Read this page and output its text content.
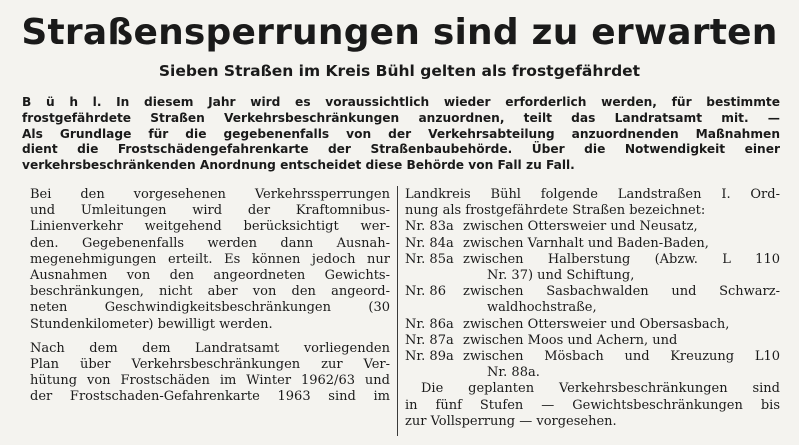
Straßensperrungen sind zu erwarten
Sieben Straßen im Kreis Bühl gelten als frostgefährdet
B ü h l. In diesem Jahr wird es voraussichtlich wieder erforderlich werden, für bestimmte
frostgefährdete Straßen Verkehrsbeschränkungen anzuordnen, teilt das Landratsamt mit. —
Als Grundlage für die gegebenenfalls von der Verkehrsabteilung anzuordnenden Maßnahmen
dient die Frostschädengefahrenkarte der Straßenbaubehörde. Über die Notwendigkeit einer
verkehrsbeschränkenden Anordnung entscheidet diese Behörde von Fall zu Fall.
Bei den vorgesehenen Verkehrssperrungen
und Umleitungen wird der Kraftomnibus-
Linienverkehr weitgehend berücksichtigt wer-
den. Gegebenenfalls werden dann Ausnah-
megenehmigungen erteilt. Es können jedoch nur
Ausnahmen von den angeordneten Gewichts-
beschränkungen, nicht aber von den angeord-
neten Geschwindigkeitsbeschränkungen (30
Stundenkilometer) bewilligt werden.
Nach dem dem Landratsamt vorliegenden
Plan über Verkehrsbeschränkungen zur Ver-
hütung von Frostschäden im Winter 1962/63 und
der Frostschaden-Gefahrenkarte 1963 sind im
Landkreis Bühl folgende Landstraßen I. Ord-
nung als frostgefährdete Straßen bezeichnet:
Nr. 83a zwischen Ottersweier und Neusatz,
Nr. 84a zwischen Varnhalt und Baden-Baden,
Nr. 85a zwischen Halberstung (Abzw. L 110
Nr. 37) und Schiftung,
Nr. 86	zwischen Sasbachwalden und Schwarz-
waldhochstraße,
Nr. 86a zwischen Ottersweier und Obersasbach,
Nr. 87a zwischen Moos und Achern, und
Nr. 89a zwischen Mösbach und Kreuzung L10
Nr. 88a.
Die geplanten Verkehrsbeschränkungen sind
in fünf Stufen — Gewichtsbeschränkungen bis
zur Vollsperrung — vorgesehen.
